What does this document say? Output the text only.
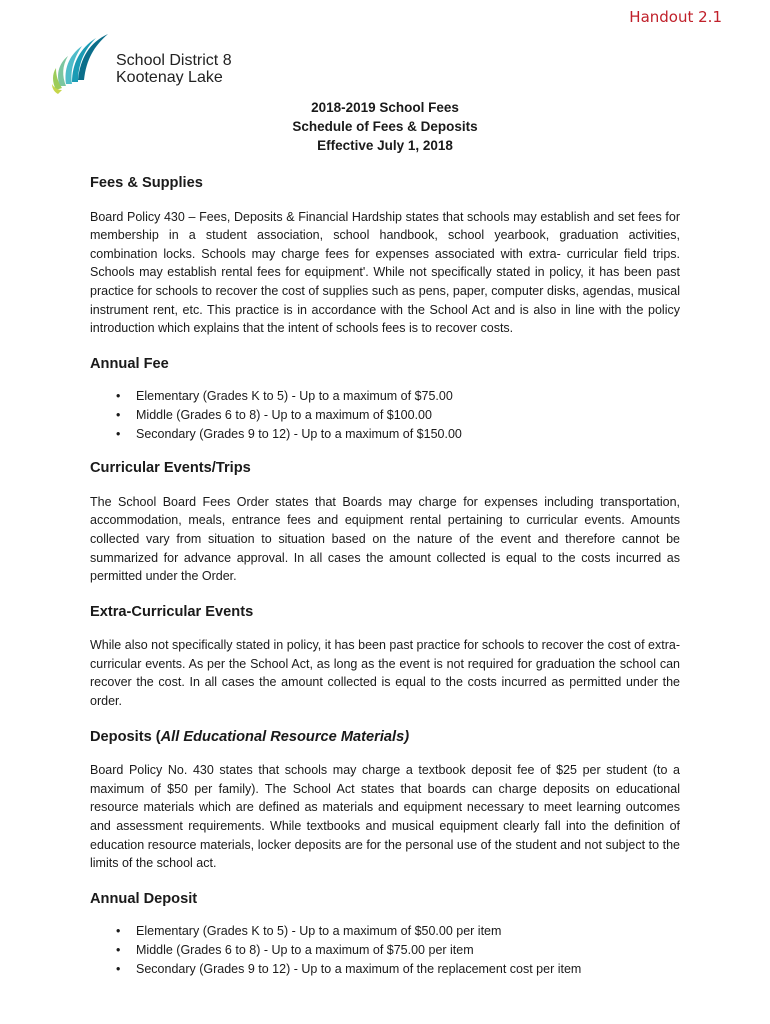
Handout 2.1
School District 8
Kootenay Lake
2018-2019 School Fees
Schedule of Fees & Deposits
Effective July 1, 2018
Fees & Supplies

Board Policy 430 – Fees, Deposits & Financial Hardship states that schools may establish and set fees for membership in a student association, school handbook, school yearbook, graduation activities, combination locks. Schools may charge fees for expenses associated with extra- curricular field trips. Schools may establish rental fees for equipment'. While not specifically stated in policy, it has been past practice for schools to recover the cost of supplies such as pens, paper, computer disks, agendas, musical instrument rent, etc. This practice is in accordance with the School Act and is also in line with the policy introduction which explains that the intent of schools fees is to recover costs.

Annual Fee
• Elementary (Grades K to 5) - Up to a maximum of $75.00
• Middle (Grades 6 to 8) - Up to a maximum of $100.00
• Secondary (Grades 9 to 12) - Up to a maximum of $150.00
Curricular Events/Trips

The School Board Fees Order states that Boards may charge for expenses including transportation, accommodation, meals, entrance fees and equipment rental pertaining to curricular events. Amounts collected vary from situation to situation based on the nature of the event and therefore cannot be summarized for advance approval. In all cases the amount collected is equal to the costs incurred as permitted under the Order.

Extra-Curricular Events

While also not specifically stated in policy, it has been past practice for schools to recover the cost of extra-curricular events. As per the School Act, as long as the event is not required for graduation the school can recover the cost. In all cases the amount collected is equal to the costs incurred as permitted under the order.

Deposits (All Educational Resource Materials)

Board Policy No. 430 states that schools may charge a textbook deposit fee of $25 per student (to a maximum of $50 per family). The School Act states that boards can charge deposits on educational resource materials which are defined as materials and equipment necessary to meet learning outcomes and assessment requirements. While textbooks and musical equipment clearly fall into the definition of education resource materials, locker deposits are for the personal use of the student and not subject to the limits of the school act.

Annual Deposit
• Elementary (Grades K to 5) - Up to a maximum of $50.00 per item
• Middle (Grades 6 to 8) - Up to a maximum of $75.00 per item
• Secondary (Grades 9 to 12) - Up to a maximum of the replacement cost per item
